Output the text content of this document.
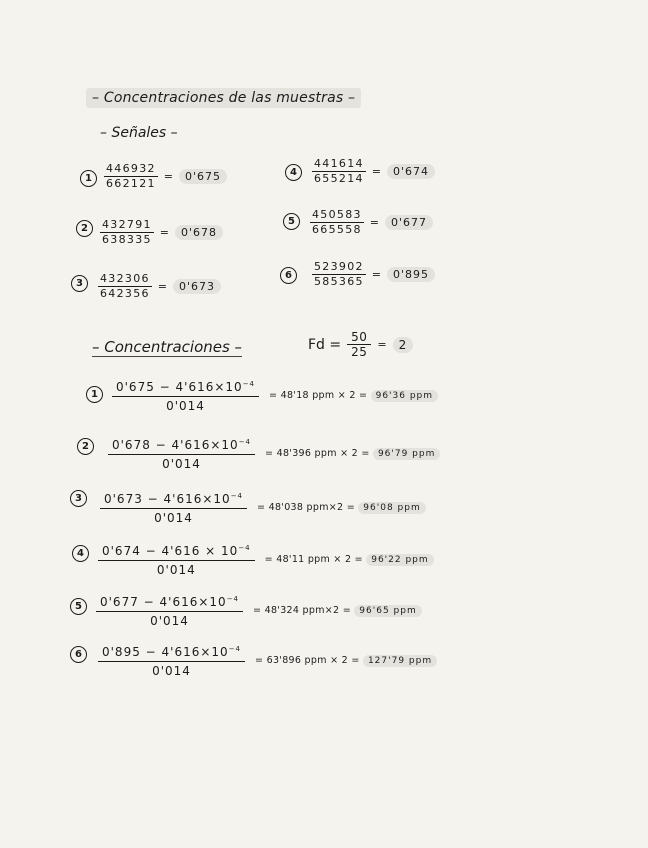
– Concentraciones de las muestras –
– Señales –
1	$\frac{446932}{662121}$ =	0'675
2	$\frac{432791}{638335}$ =	0'678
3	$\frac{432306}{642356}$ =	0'673
4	$\frac{441614}{655214}$ =	0'674
5	$\frac{450583}{665558}$ =	0'677
6	$\frac{523902}{585365}$ =	0'895
– Concentraciones –	$Fd = \frac{50}{25}$ =	2
1	$\frac{0'675 - 4'616\times 10^{-4}}{0'014} = 48'18$ ppm × 2 = 96'36 ppm
2	$\frac{0'678 - 4'616\times 10^{-4}}{0'014} = 48'396$ ppm × 2 = 96'79 ppm
3	$\frac{0'673 - 4'616\times 10^{-4}}{0'014} = 48'038$ ppm×2 = 96'08 ppm
4	$\frac{0'674 - 4'616 \times 10^{-4}}{0'014} = 48'11$ ppm × 2 = 96'22 ppm
5	$\frac{0'677 - 4'616\times 10^{-4}}{0'014} = 48'324$ ppm×2 = 96'65 ppm
6	$\frac{0'895 - 4'616\times 10^{-4}}{0'014} = 63'896$ ppm × 2 = 127'79 ppm
